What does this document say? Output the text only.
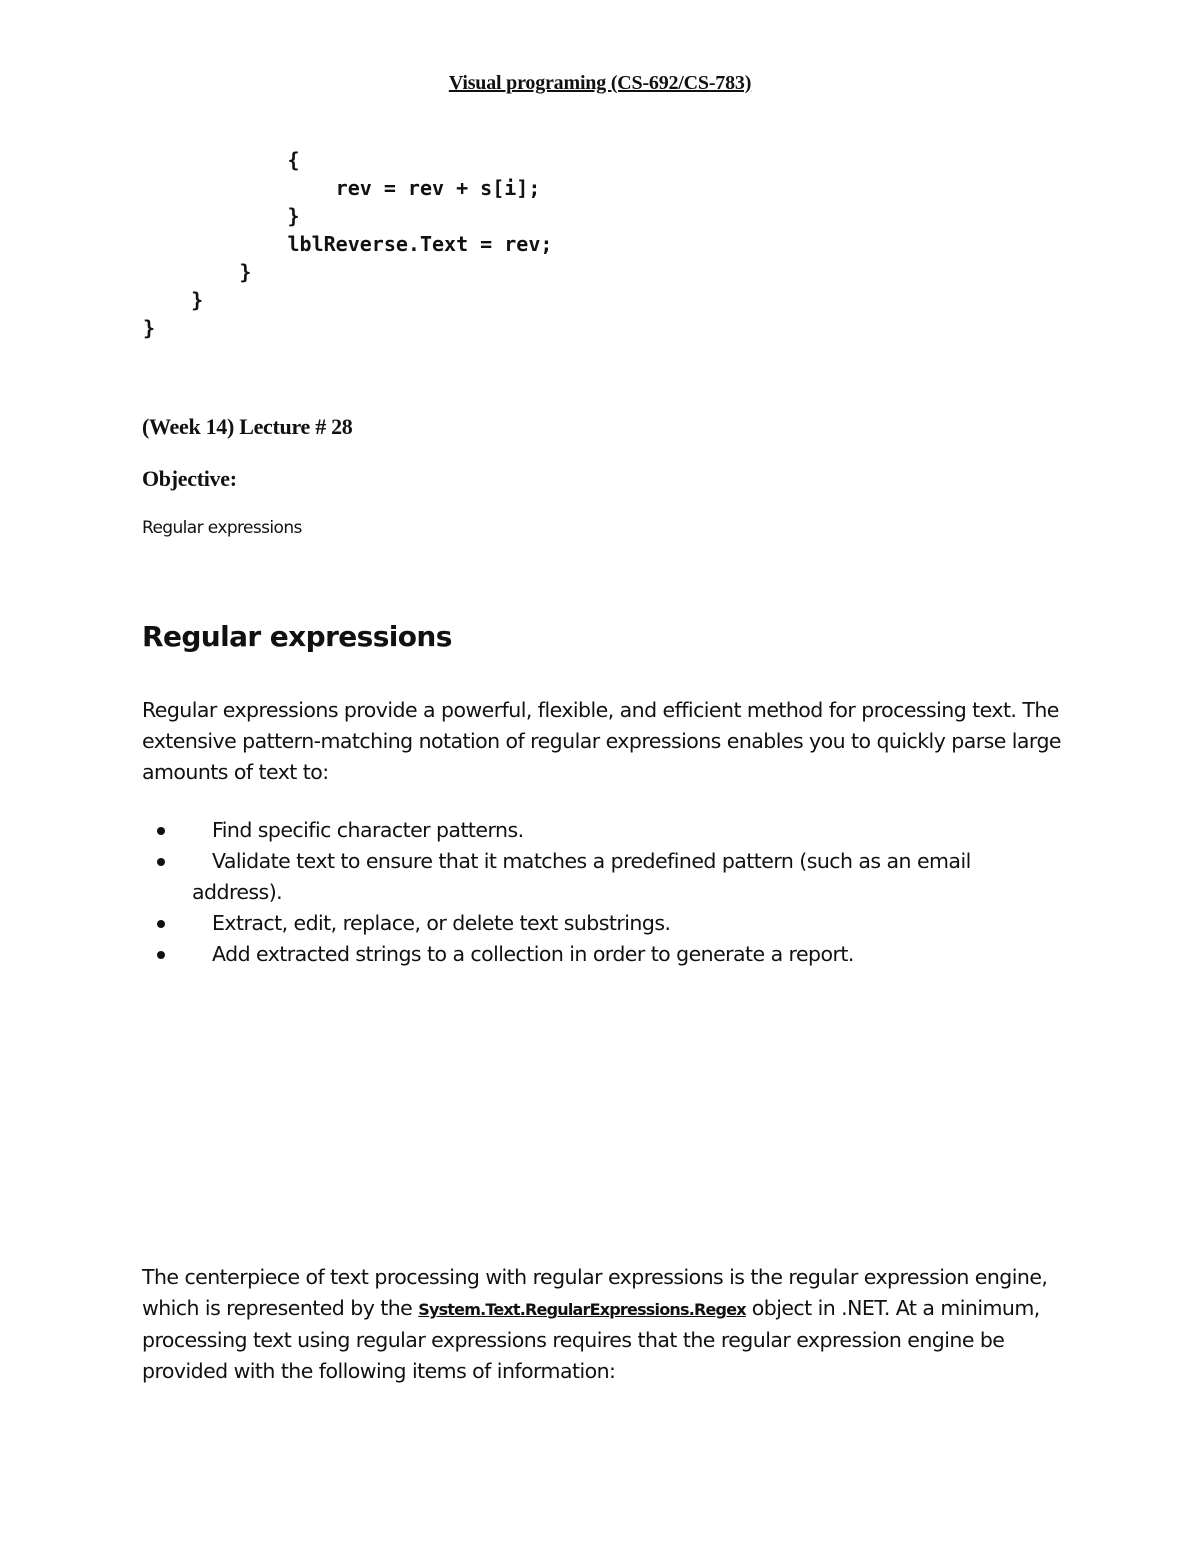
Visual programing (CS-692/CS-783)
{
rev = rev + s[i];
}
lblReverse.Text = rev;
}
}
}
(Week 14) Lecture # 28
Objective:
Regular expressions
Regular expressions

Regular expressions provide a powerful, flexible, and efficient method for processing text. The extensive pattern-matching notation of regular expressions enables you to quickly parse large amounts of text to:

Find specific character patterns.
Validate text to ensure that it matches a predefined pattern (such as an email
address).
Extract, edit, replace, or delete text substrings.
Add extracted strings to a collection in order to generate a report.

The centerpiece of text processing with regular expressions is the regular expression engine, which is represented by the System.Text.RegularExpressions.Regex object in .NET. At a minimum, processing text using regular expressions requires that the regular expression engine be provided with the following items of information:
